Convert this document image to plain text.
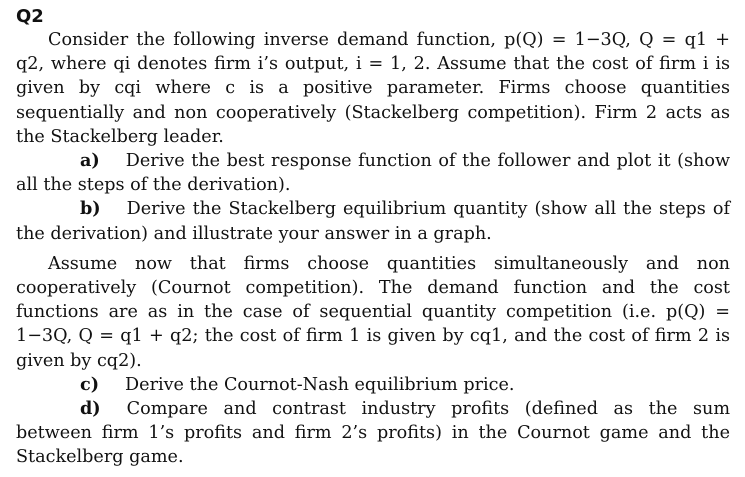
Q2

Consider the following inverse demand function, p(Q) = 1−3Q, Q = q1 + q2, where qi denotes firm i’s output, i = 1, 2. Assume that the cost of firm i is given by cqi where c is a positive parameter. Firms choose quantities sequentially and non cooperatively (Stackelberg competition). Firm 2 acts as the Stackelberg leader.

a) Derive the best response function of the follower and plot it (show all the steps of the derivation).

b) Derive the Stackelberg equilibrium quantity (show all the steps of the derivation) and illustrate your answer in a graph.

Assume now that firms choose quantities simultaneously and non cooperatively (Cournot competition). The demand function and the cost functions are as in the case of sequential quantity competition (i.e. p(Q) = 1−3Q, Q = q1 + q2; the cost of firm 1 is given by cq1, and the cost of firm 2 is given by cq2).

c) Derive the Cournot-Nash equilibrium price.

d) Compare and contrast industry profits (defined as the sum between firm 1’s profits and firm 2’s profits) in the Cournot game and the Stackelberg game.
